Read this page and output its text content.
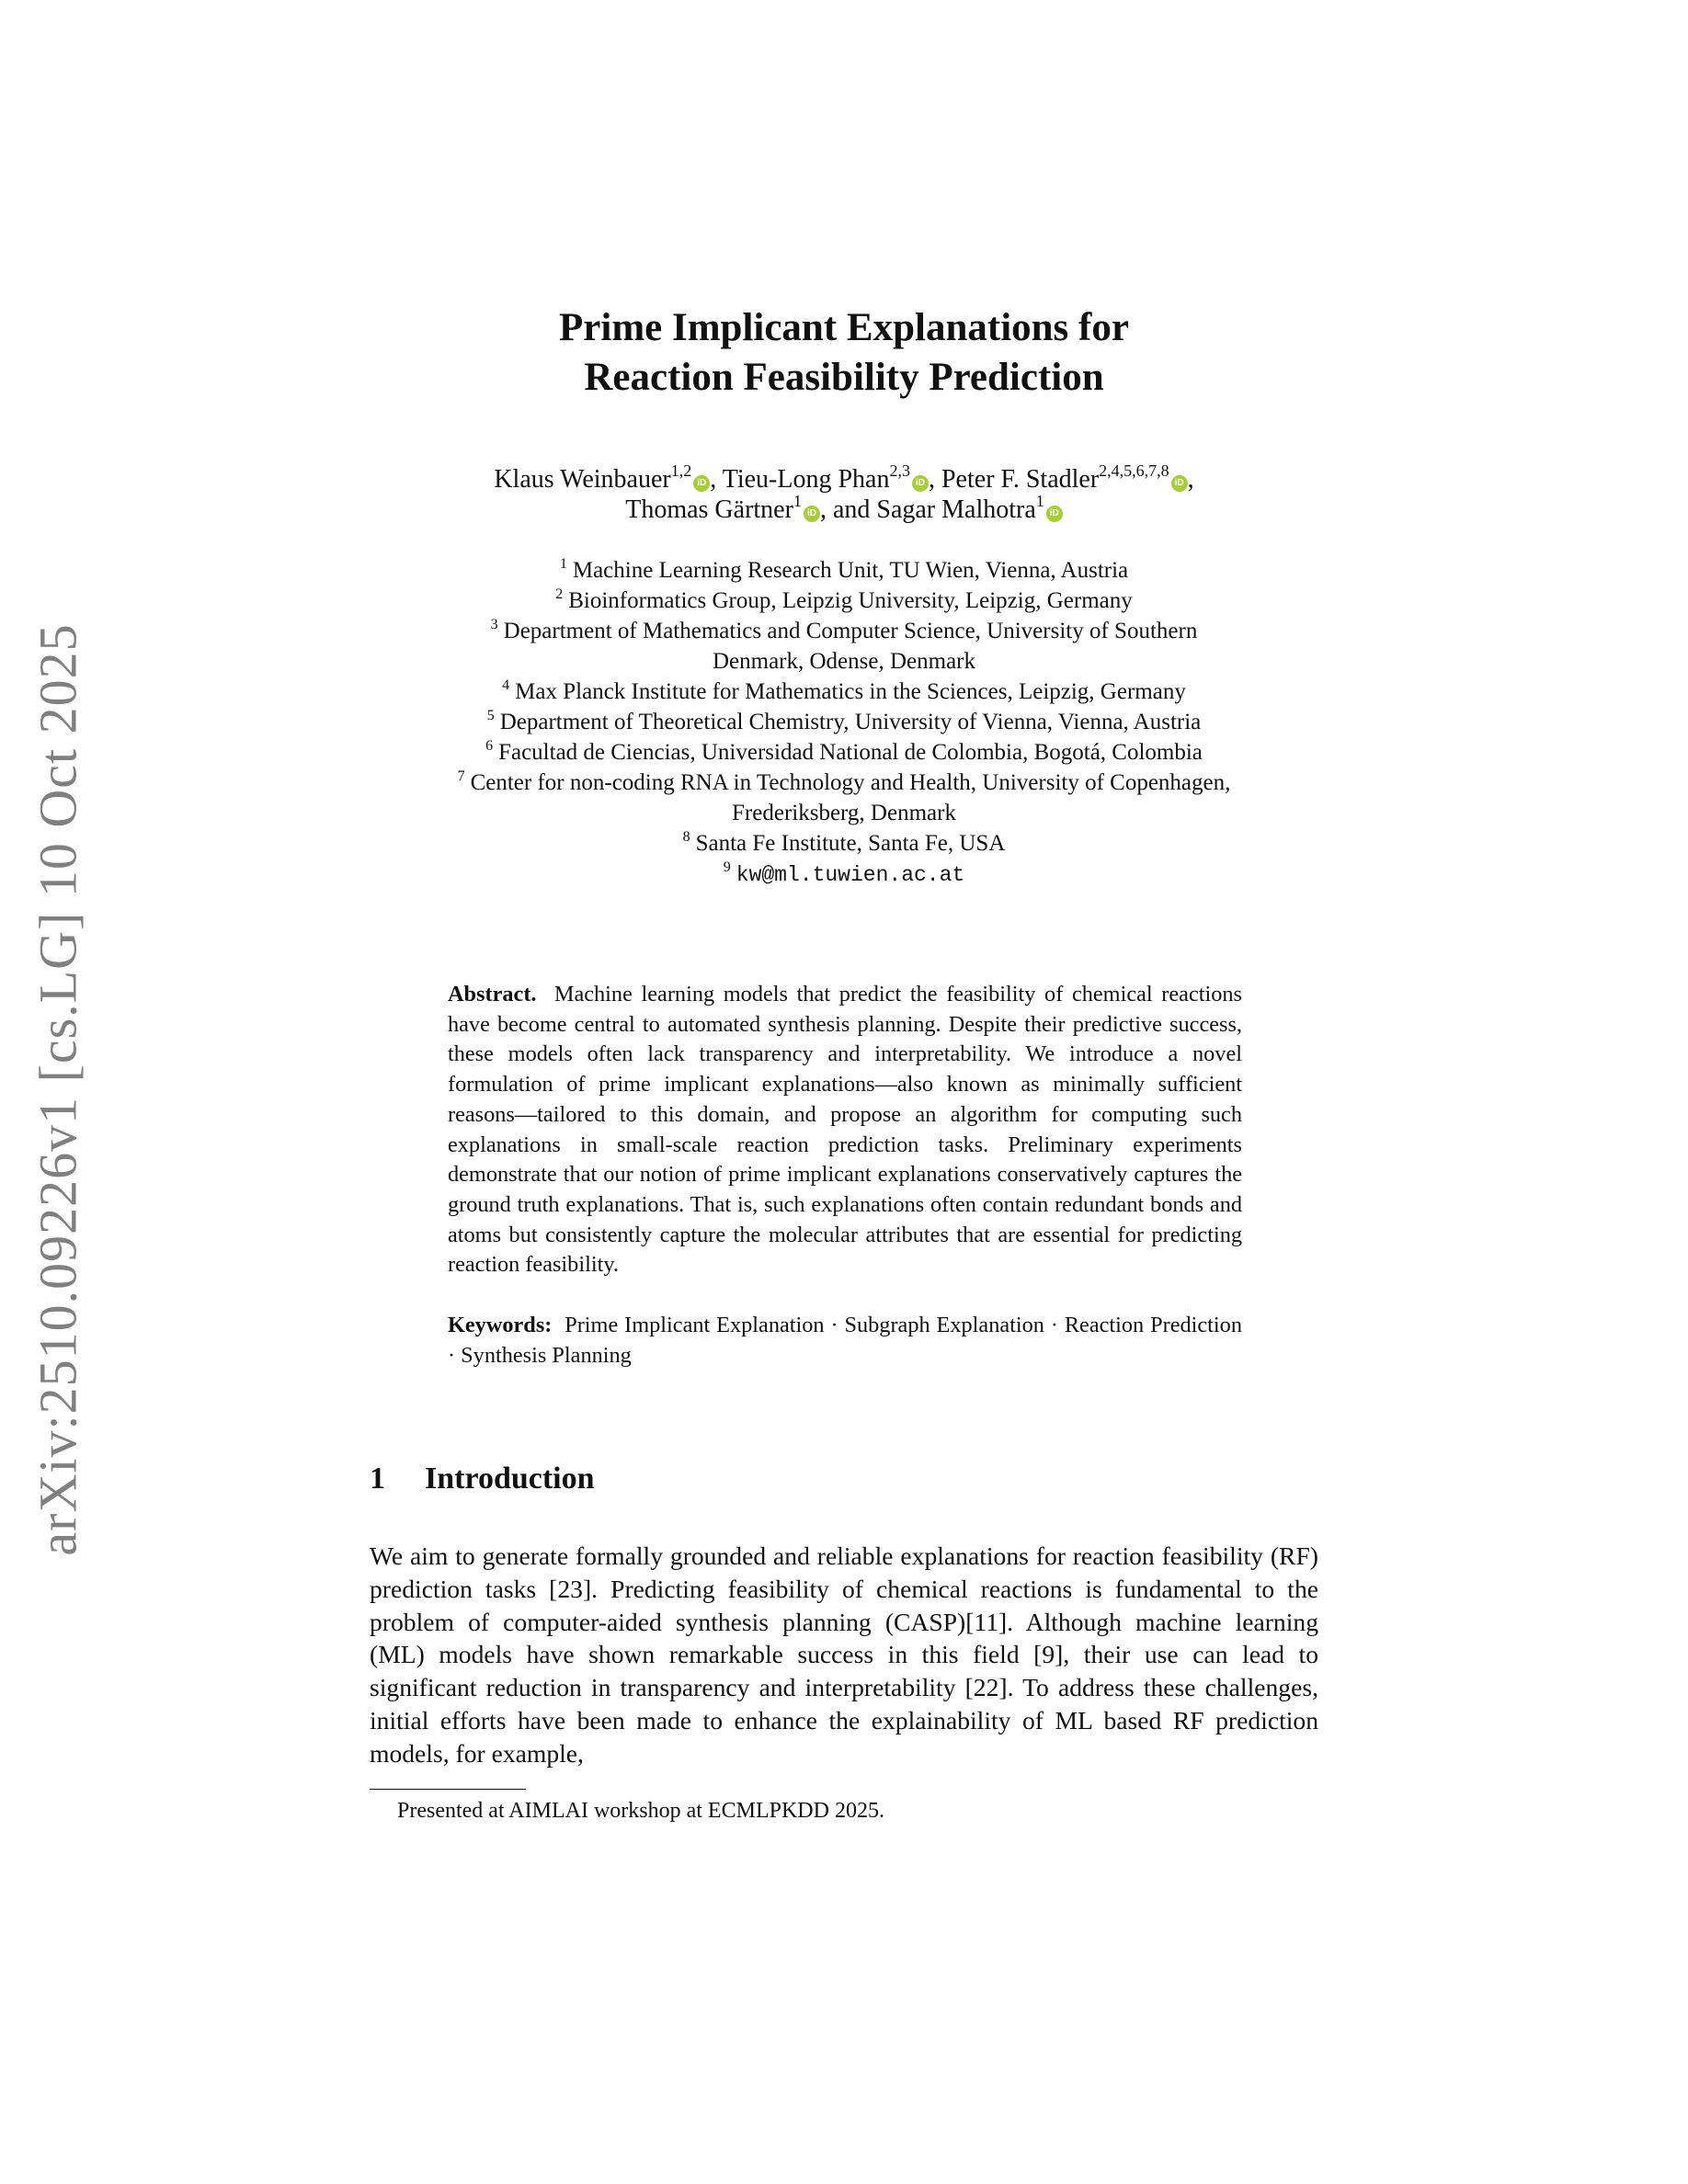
arXiv:2510.09226v1 [cs.LG] 10 Oct 2025
Prime Implicant Explanations for
Reaction Feasibility Prediction
Klaus Weinbauer$^{1,2}$iD , Tieu-Long Phan$^{2,3}$iD , Peter F. Stadler$^{2,4,5,6,7,8}$iD ,
Thomas Gärtner$^1$iD , and Sagar Malhotra$^1$iD
$^1$ Machine Learning Research Unit, TU Wien, Vienna, Austria
$^2$ Bioinformatics Group, Leipzig University, Leipzig, Germany
$^3$ Department of Mathematics and Computer Science, University of Southern
Denmark, Odense, Denmark
$^4$ Max Planck Institute for Mathematics in the Sciences, Leipzig, Germany
$^5$ Department of Theoretical Chemistry, University of Vienna, Vienna, Austria
$^6$ Facultad de Ciencias, Universidad National de Colombia, Bogotá, Colombia
$^7$ Center for non-coding RNA in Technology and Health, University of Copenhagen,
Frederiksberg, Denmark
$^8$ Santa Fe Institute, Santa Fe, USA
$^9$ kw@ml.tuwien.ac.at

Abstract. Machine learning models that predict the feasibility of chemical reactions have become central to automated synthesis planning. Despite their predictive success, these models often lack transparency and interpretability. We introduce a novel formulation of prime implicant explanations—also known as minimally sufficient reasons—tailored to this domain, and propose an algorithm for computing such explanations in small-scale reaction prediction tasks. Preliminary experiments demonstrate that our notion of prime implicant explanations conservatively captures the ground truth explanations. That is, such explanations often contain redundant bonds and atoms but consistently capture the molecular attributes that are essential for predicting reaction feasibility.

Keywords: Prime Implicant Explanation · Subgraph Explanation · Reaction Prediction · Synthesis Planning

1 Introduction

We aim to generate formally grounded and reliable explanations for reaction feasibility (RF) prediction tasks [23]. Predicting feasibility of chemical reactions is fundamental to the problem of computer-aided synthesis planning (CASP)[11]. Although machine learning (ML) models have shown remarkable success in this field [9], their use can lead to significant reduction in transparency and interpretability [22]. To address these challenges, initial efforts have been made to enhance the explainability of ML based RF prediction models, for example,

Presented at AIMLAI workshop at ECMLPKDD 2025.
